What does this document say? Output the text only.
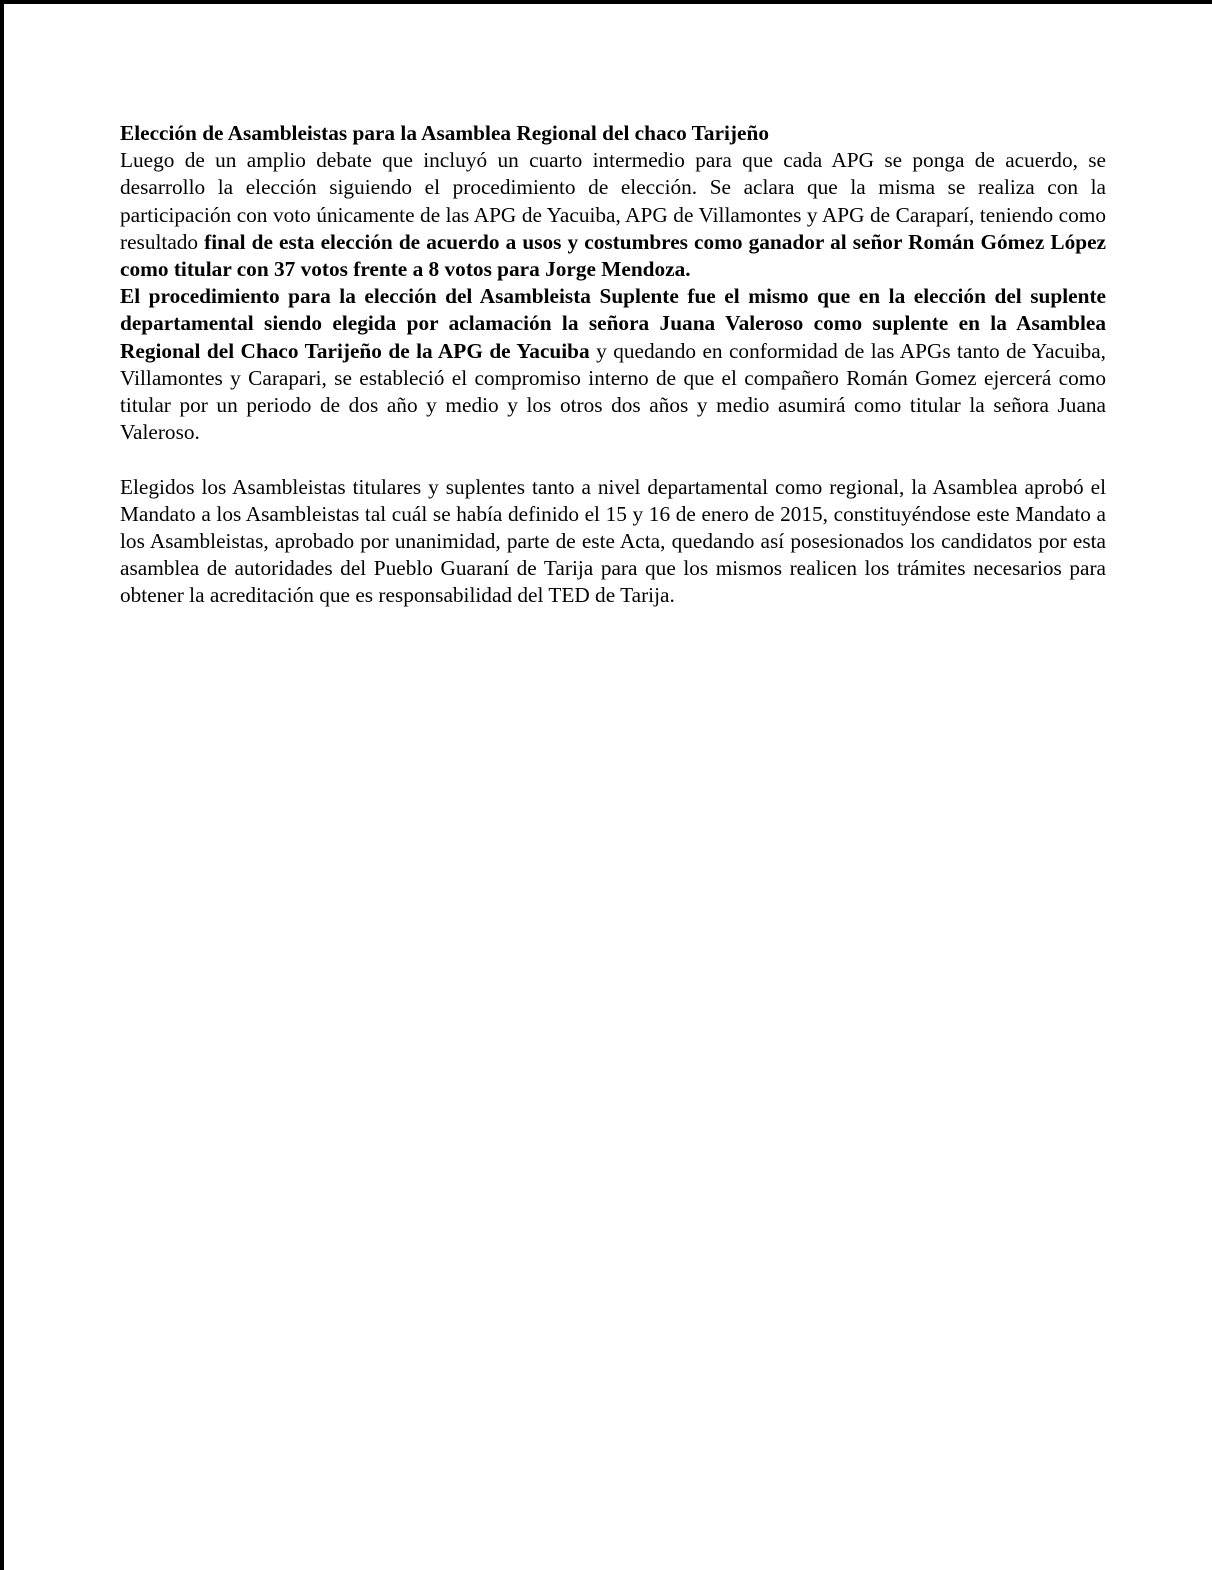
Elección de Asambleistas para la Asamblea Regional del chaco Tarijeño

Luego de un amplio debate que incluyó un cuarto intermedio para que cada APG se ponga de acuerdo, se desarrollo la elección siguiendo el procedimiento de elección. Se aclara que la misma se realiza con la participación con voto únicamente de las APG de Yacuiba, APG de Villamontes y APG de Caraparí, teniendo como resultado final de esta elección de acuerdo a usos y costumbres como ganador al señor Román Gómez López como titular con 37 votos frente a 8 votos para Jorge Mendoza.
El procedimiento para la elección del Asambleista Suplente fue el mismo que en la elección del suplente departamental siendo elegida por aclamación la señora Juana Valeroso como suplente en la Asamblea Regional del Chaco Tarijeño de la APG de Yacuiba y quedando en conformidad de las APGs tanto de Yacuiba, Villamontes y Carapari, se estableció el compromiso interno de que el compañero Román Gomez ejercerá como titular por un periodo de dos año y medio y los otros dos años y medio asumirá como titular la señora Juana Valeroso.

Elegidos los Asambleistas titulares y suplentes tanto a nivel departamental como regional, la Asamblea aprobó el Mandato a los Asambleistas tal cuál se había definido el 15 y 16 de enero de 2015, constituyéndose este Mandato a los Asambleistas, aprobado por unanimidad, parte de este Acta, quedando así posesionados los candidatos por esta asamblea de autoridades del Pueblo Guaraní de Tarija para que los mismos realicen los trámites necesarios para obtener la acreditación que es responsabilidad del TED de Tarija.
